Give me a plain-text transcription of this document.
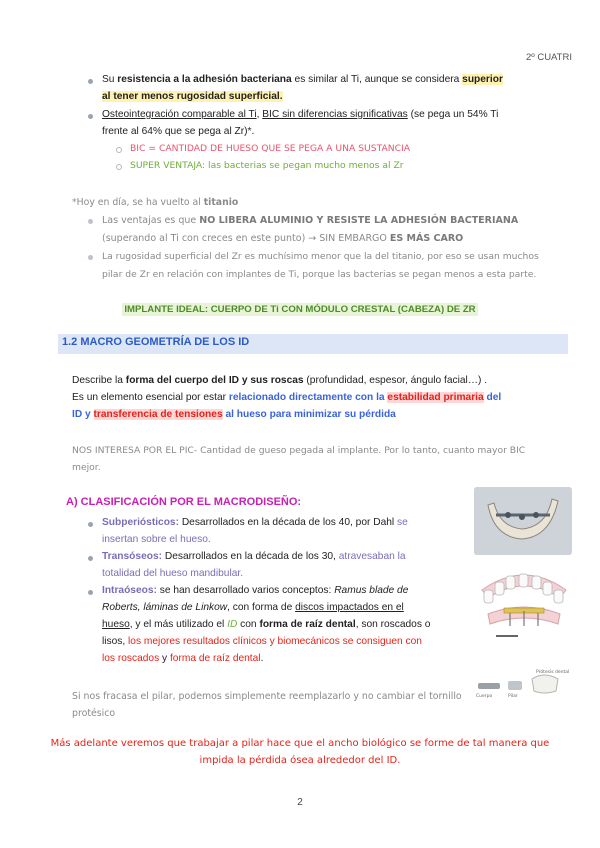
2º CUATRI

Su resistencia a la adhesión bacteriana es similar al Ti, aunque se considera superior

al tener menos rugosidad superficial.

Osteointegración comparable al Ti, BIC sin diferencias significativas (se pega un 54% Ti

frente al 64% que se pega al Zr)*.

BIC = CANTIDAD DE HUESO QUE SE PEGA A UNA SUSTANCIA

SUPER VENTAJA: las bacterias se pegan mucho menos al Zr

*Hoy en día, se ha vuelto al titanio

Las ventajas es que NO LIBERA ALUMINIO Y RESISTE LA ADHESIÓN BACTERIANA

(superando al Ti con creces en este punto) → SIN EMBARGO ES MÁS CARO

La rugosidad superficial del Zr es muchísimo menor que la del titanio, por eso se usan muchos

pilar de Zr en relación con implantes de Ti, porque las bacterias se pegan menos a esta parte.

IMPLANTE IDEAL: CUERPO DE Ti CON MÓDULO CRESTAL (CABEZA) DE ZR
1.2 MACRO GEOMETRÍA DE LOS ID

Describe la forma del cuerpo del ID y sus roscas (profundidad, espesor, ángulo facial…) .

Es un elemento esencial por estar relacionado directamente con la estabilidad primaria del

ID y transferencia de tensiones al hueso para minimizar su pérdida

NOS INTERESA POR EL PIC- Cantidad de gueso pegada al implante. Por lo tanto, cuanto mayor BIC

mejor.

A) CLASIFICACIÓN POR EL MACRODISEÑO:

Subperiósticos: Desarrollados en la década de los 40, por Dahl se

insertan sobre el hueso.

Transóseos: Desarrollados en la década de los 30, atravesaban la

totalidad del hueso mandibular.

Intraóseos: se han desarrollado varios conceptos: Ramus blade de

Roberts, láminas de Linkow, con forma de discos impactados en el

hueso, y el más utilizado el ID con forma de raíz dental, son roscados o

lisos, los mejores resultados clínicos y biomecánicos se consiguen con

los roscados y forma de raíz dental.

Cuerpo	Pilar
Prótesis dental

Si nos fracasa el pilar, podemos simplemente reemplazarlo y no cambiar el tornillo

protésico

Más adelante veremos que trabajar a pilar hace que el ancho biológico se forme de tal manera que
impida la pérdida ósea alrededor del ID.
2
